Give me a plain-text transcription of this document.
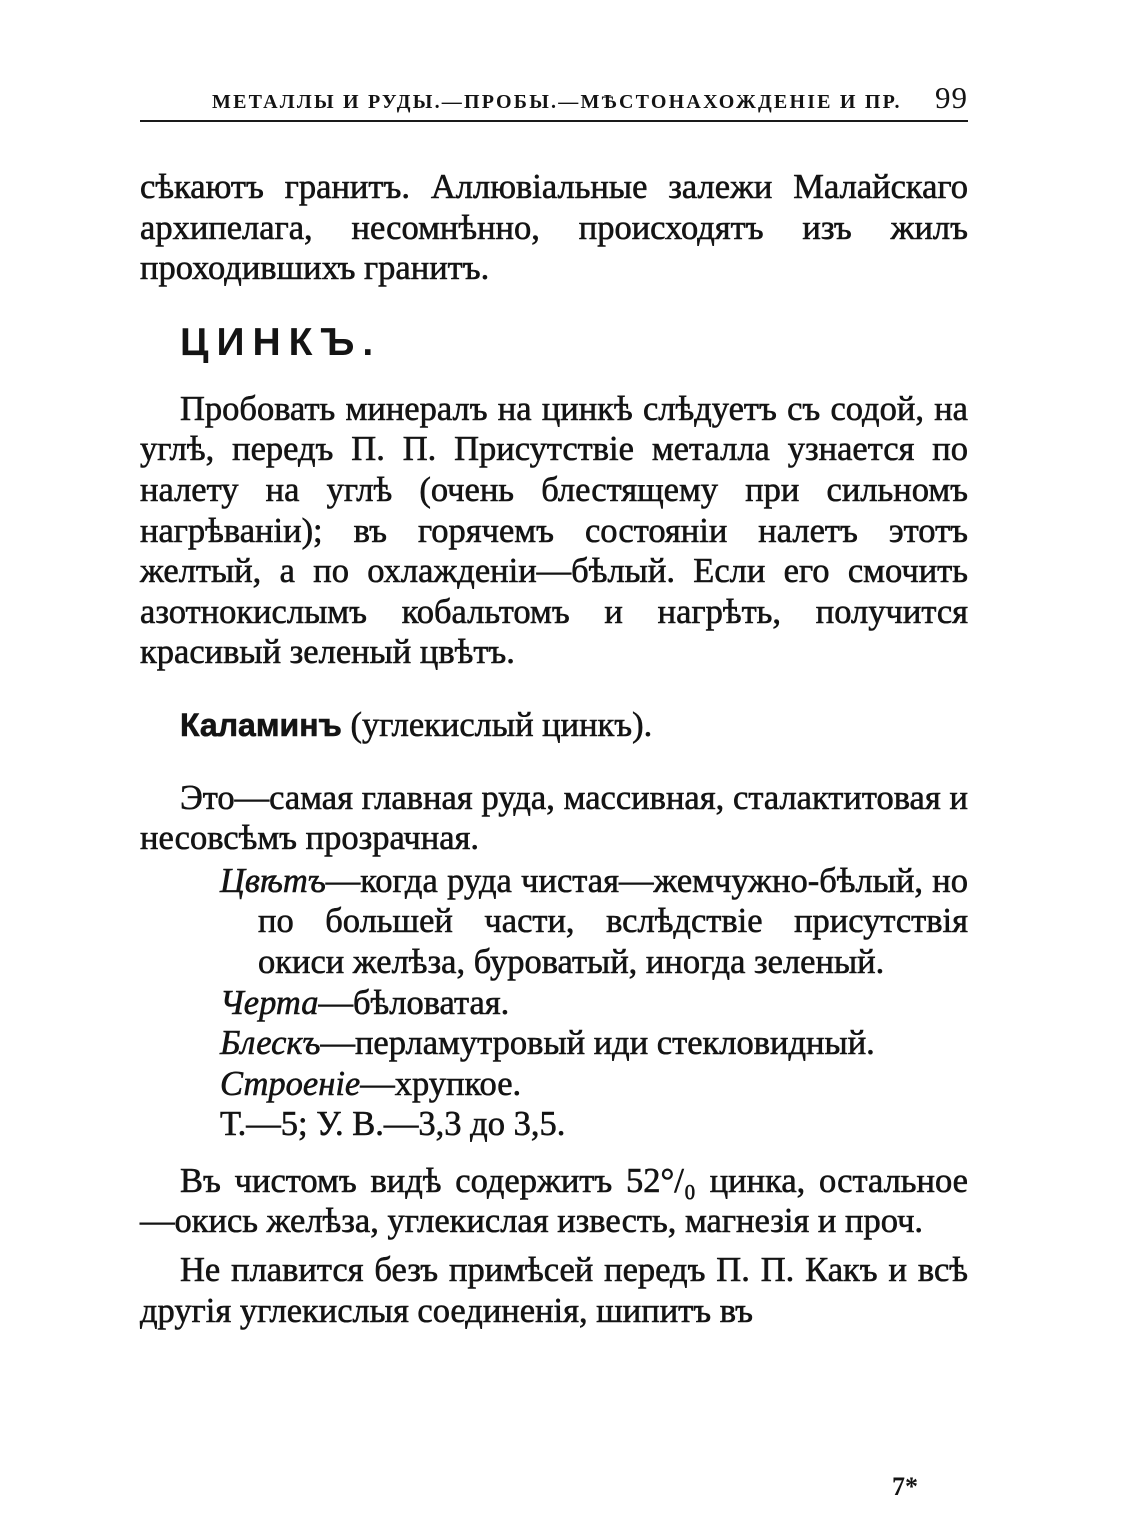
МЕТАЛЛЫ И РУДЫ.—ПРОБЫ.—МѢСТОНАХОЖДЕНІЕ И ПР. 99

сѣкаютъ гранитъ. Аллювіальные залежи Малайскаго архипелага, несомнѣнно, происходятъ изъ жилъ проходившихъ гранитъ.

ЦИНКЪ.

Пробовать минералъ на цинкѣ слѣдуетъ съ содой, на углѣ, передъ П. П. Присутствіе металла узнается по налету на углѣ (очень блестящему при сильномъ нагрѣваніи); въ горячемъ состояніи налетъ этотъ желтый, а по охлажденіи—бѣлый. Если его смочить азотнокислымъ кобальтомъ и нагрѣть, получится красивый зеленый цвѣтъ.

Каламинъ (углекислый цинкъ).

Это—самая главная руда, массивная, сталактитовая и несовсѣмъ прозрачная.

Цвѣтъ—когда руда чистая—жемчужно-бѣлый, но по большей части, вслѣдствіе присутствія окиси желѣза, буроватый, иногда зеленый.

Черта—бѣловатая.

Блескъ—перламутровый иди стекловидный.

Строеніе—хрупкое.

Т.—5; У. В.—3,3 до 3,5.

Въ чистомъ видѣ содержитъ 52°/₀ цинка, остальное—окись желѣза, углекислая известь, магнезія и проч.

Не плавится безъ примѣсей передъ П. П. Какъ и всѣ другія углекислыя соединенія, шипитъ въ

7*
